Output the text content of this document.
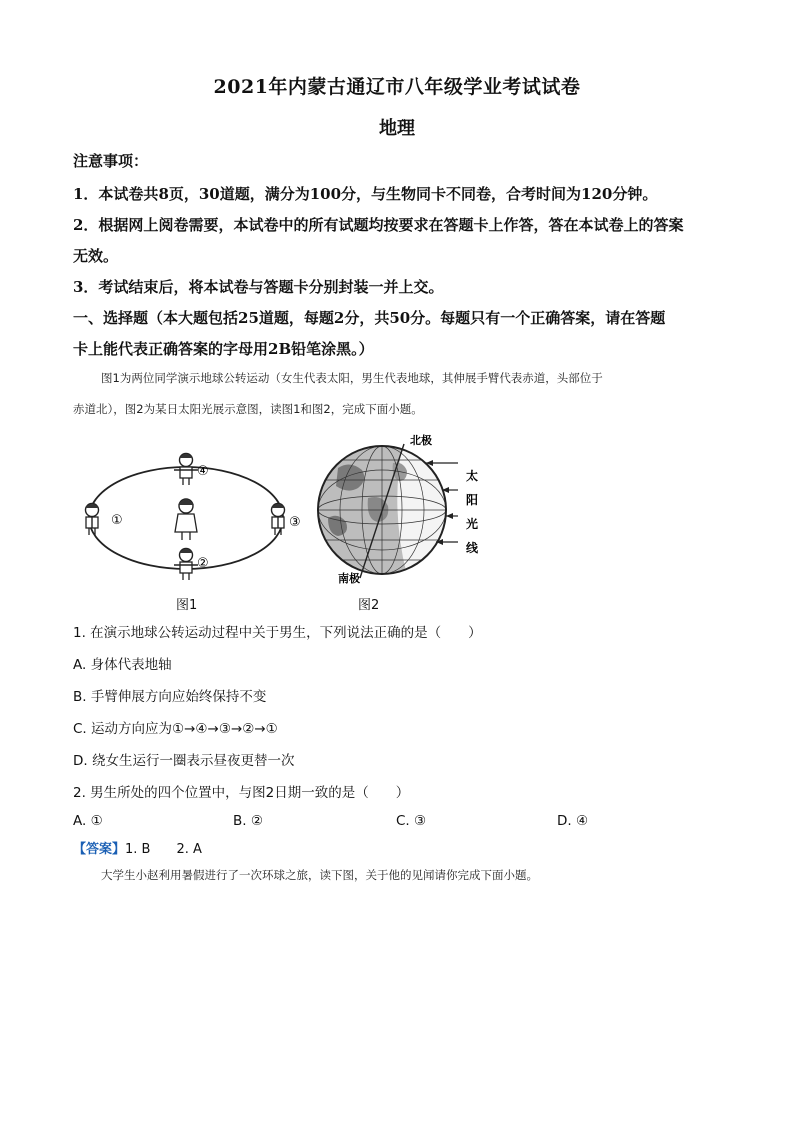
2021年内蒙古通辽市八年级学业考试试卷
地理
注意事项：
1．本试卷共8页，30道题，满分为100分，与生物同卡不同卷，合考时间为120分钟。
2．根据网上阅卷需要，本试卷中的所有试题均按要求在答题卡上作答，答在本试卷上的答案
无效。
3．考试结束后，将本试卷与答题卡分别封装一并上交。
一、选择题（本大题包括25道题，每题2分，共50分。每题只有一个正确答案，请在答题
卡上能代表正确答案的字母用2B铅笔涂黑。）
图1为两位同学演示地球公转运动（女生代表太阳，男生代表地球，其伸展手臂代表赤道，头部位于
赤道北），图2为某日太阳光展示意图，读图1和图2，完成下面小题。
①
②
③
④
图1
北极
南极
太
阳
光
线
图2
1. 在演示地球公转运动过程中关于男生，下列说法正确的是（　　）
A. 身体代表地轴
B. 手臂伸展方向应始终保持不变
C. 运动方向应为①→④→③→②→①
D. 绕女生运行一圈表示昼夜更替一次
2. 男生所处的四个位置中，与图2日期一致的是（　　）
A. ①	B. ②	C. ③	D. ④
【答案】1. B　　2. A
大学生小赵利用暑假进行了一次环球之旅，读下图，关于他的见闻请你完成下面小题。
